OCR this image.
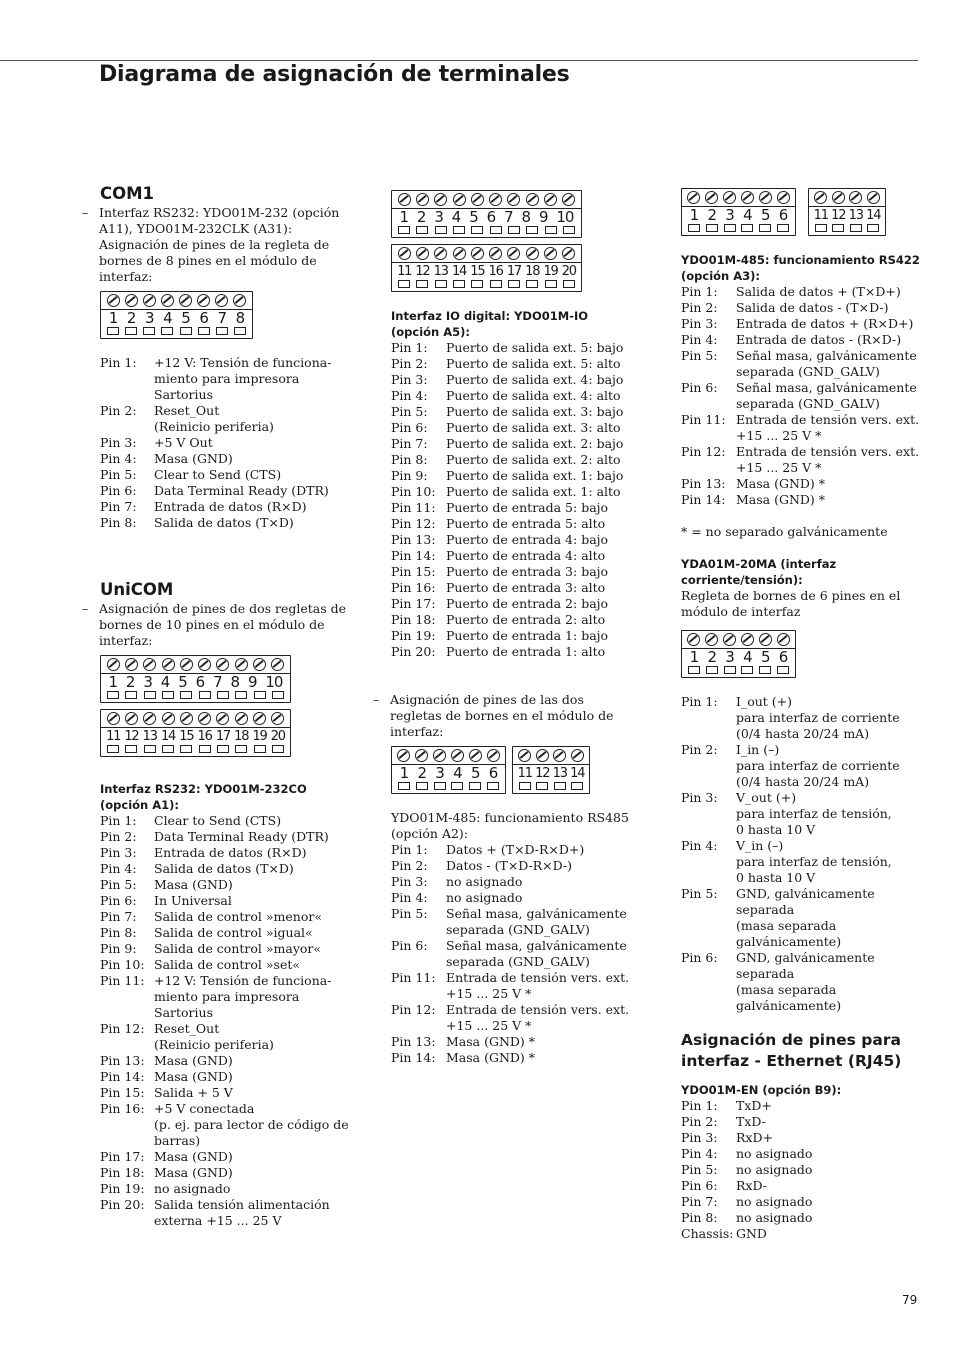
Diagrama de asignación de terminales
COM1
– Interfaz RS232: YDO01M-232 (opción A11), YDO01M-232CLK (A31): Asignación de pines de la regleta de bornes de 8 pines en el módulo de interfaz:
1 2 3 4 5 6 7 8
Pin 1:	+12 V: Tensión de funciona-
miento para impresora Sartorius
Pin 2:	Reset_Out
(Reinicio periferia)
Pin 3:	+5 V Out
Pin 4:	Masa (GND)
Pin 5:	Clear to Send (CTS)
Pin 6:	Data Terminal Ready (DTR)
Pin 7:	Entrada de datos (R×D)
Pin 8:	Salida de datos (T×D)
UniCOM
– Asignación de pines de dos regletas de bornes de 10 pines en el módulo de interfaz:
1 2 3 4 5 6 7 8 9 10
11 12 13 14 15 16 17 18 19 20
Interfaz RS232: YDO01M-232CO (opción A1):
Pin 1:	Clear to Send (CTS)
Pin 2:	Data Terminal Ready (DTR)
Pin 3:	Entrada de datos (R×D)
Pin 4:	Salida de datos (T×D)
Pin 5:	Masa (GND)
Pin 6:	In Universal
Pin 7:	Salida de control »menor«
Pin 8:	Salida de control »igual«
Pin 9:	Salida de control »mayor«
Pin 10: Salida de control »set«
Pin 11: +12 V: Tensión de funciona-
miento para impresora Sartorius
Pin 12: Reset_Out
(Reinicio periferia)
Pin 13: Masa (GND)
Pin 14: Masa (GND)
Pin 15: Salida + 5 V
Pin 16: +5 V conectada
(p. ej. para lector de código de
barras)
Pin 17: Masa (GND)
Pin 18: Masa (GND)
Pin 19: no asignado
Pin 20: Salida tensión alimentación
externa +15 ... 25 V
1 2 3 4 5 6 7 8 9 10
11 12 13 14 15 16 17 18 19 20
Interfaz IO digital: YDO01M-IO (opción A5):
Pin 1:	Puerto de salida ext. 5: bajo
Pin 2:	Puerto de salida ext. 5: alto
Pin 3:	Puerto de salida ext. 4: bajo
Pin 4:	Puerto de salida ext. 4: alto
Pin 5:	Puerto de salida ext. 3: bajo
Pin 6:	Puerto de salida ext. 3: alto
Pin 7:	Puerto de salida ext. 2: bajo
Pin 8:	Puerto de salida ext. 2: alto
Pin 9:	Puerto de salida ext. 1: bajo
Pin 10: Puerto de salida ext. 1: alto
Pin 11: Puerto de entrada 5: bajo
Pin 12: Puerto de entrada 5: alto
Pin 13: Puerto de entrada 4: bajo
Pin 14: Puerto de entrada 4: alto
Pin 15: Puerto de entrada 3: bajo
Pin 16: Puerto de entrada 3: alto
Pin 17: Puerto de entrada 2: bajo
Pin 18: Puerto de entrada 2: alto
Pin 19: Puerto de entrada 1: bajo
Pin 20: Puerto de entrada 1: alto
– Asignación de pines de las dos regletas de bornes en el módulo de interfaz:
1 2 3 4 5 6 11 12 13 14
YDO01M-485: funcionamiento RS485 (opción A2):
Pin 1:	Datos + (T×D-R×D+)
Pin 2:	Datos - (T×D-R×D-)
Pin 3:	no asignado
Pin 4:	no asignado
Pin 5:	Señal masa, galvánicamente
separada (GND_GALV)
Pin 6:	Señal masa, galvánicamente
separada (GND_GALV)
Pin 11: Entrada de tensión vers. ext.
+15 ... 25 V *
Pin 12: Entrada de tensión vers. ext.
+15 ... 25 V *
Pin 13: Masa (GND) *
Pin 14: Masa (GND) *
1 2 3 4 5 6 11 12 13 14
YDO01M-485: funcionamiento RS422 (opción A3):
Pin 1:	Salida de datos + (T×D+)
Pin 2:	Salida de datos - (T×D-)
Pin 3:	Entrada de datos + (R×D+)
Pin 4:	Entrada de datos - (R×D-)
Pin 5:	Señal masa, galvánicamente
separada (GND_GALV)
Pin 6:	Señal masa, galvánicamente
separada (GND_GALV)
Pin 11: Entrada de tensión vers. ext.
+15 ... 25 V *
Pin 12: Entrada de tensión vers. ext.
+15 ... 25 V *
Pin 13: Masa (GND) *
Pin 14: Masa (GND) *
* = no separado galvánicamente
YDA01M-20MA (interfaz corriente/tensión):
Regleta de bornes de 6 pines en el módulo de interfaz
1 2 3 4 5 6
Pin 1:	I_out (+)
para interfaz de corriente
(0/4 hasta 20/24 mA)
Pin 2:	I_in (–)
para interfaz de corriente
(0/4 hasta 20/24 mA)
Pin 3:	V_out (+)
para interfaz de tensión,
0 hasta 10 V
Pin 4:	V_in (–)
para interfaz de tensión,
0 hasta 10 V
Pin 5:	GND, galvánicamente separada
(masa separada galvánicamente)
Pin 6:	GND, galvánicamente separada
(masa separada galvánicamente)
Asignación de pines para interfaz - Ethernet (RJ45)
YDO01M-EN (opción B9):
Pin 1:	TxD+
Pin 2:	TxD-
Pin 3:	RxD+
Pin 4:	no asignado
Pin 5:	no asignado
Pin 6:	RxD-
Pin 7:	no asignado
Pin 8:	no asignado
Chassis: GND
79
